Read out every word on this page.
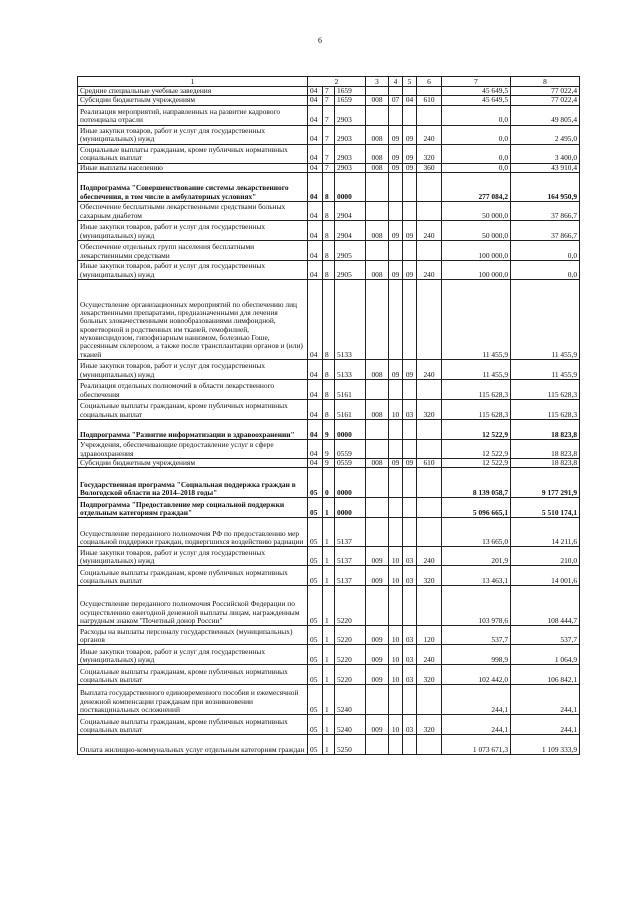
6
1	2			3	4	5	6	7	8
Средние специальные учебные заведения	04	7	1659					45 649,5	77 022,4
Субсидии бюджетным учреждениям	04	7	1659	008	07	04	610	45 649,5	77 022,4
Реализация мероприятий, направленных на развитие кадрового потенциала отрасли	04	7	2903					0,0	49 805,4
Иные закупки товаров, работ и услуг для государственных (муниципальных) нужд	04	7	2903	008	09	09	240	0,0	2 495,0
Социальные выплаты гражданам, кроме публичных нормативных социальных выплат	04	7	2903	008	09	09	320	0,0	3 400,0
Иные выплаты населению	04	7	2903	008	09	09	360	0,0	43 910,4
Подпрограмма "Совершенствование системы лекарственного обеспечения, в том числе в амбулаторных условиях"	04	8	0000					277 084,2	164 950,9
Обеспечение бесплатными лекарственными средствами больных сахарным диабетом	04	8	2904					50 000,0	37 866,7
Иные закупки товаров, работ и услуг для государственных (муниципальных) нужд	04	8	2904	008	09	09	240	50 000,0	37 866,7
Обеспечение отдельных групп населения бесплатными лекарственными средствами	04	8	2905					100 000,0	0,0
Иные закупки товаров, работ и услуг для государственных (муниципальных) нужд	04	8	2905	008	09	09	240	100 000,0	0,0
Осуществление организационных мероприятий по обеспечению лиц лекарственными препаратами, предназначенными для лечения больных злокачественными новообразованиями лимфоидной, кроветворной и родственных им тканей, гемофилией, муковисцидозом, гипофизарным нанизмом, болезнью Гоше, рассеянным склерозом, а также после трансплантации органов и (или) тканей	04	8	5133					11 455,9	11 455,9
Иные закупки товаров, работ и услуг для государственных (муниципальных) нужд	04	8	5133	008	09	09	240	11 455,9	11 455,9
Реализация отдельных полномочий в области лекарственного обеспечения	04	8	5161					115 628,3	115 628,3
Социальные выплаты гражданам, кроме публичных нормативных социальных выплат	04	8	5161	008	10	03	320	115 628,3	115 628,3
Подпрограмма "Развитие информатизации в здравоохранении"	04	9	0000					12 522,9	18 823,8
Учреждения, обеспечивающие предоставление услуг в сфере здравоохранения	04	9	0559					12 522,9	18 823,8
Субсидии бюджетным учреждениям	04	9	0559	008	09	09	610	12 522,9	18 823,8
Государственная программа "Социальная поддержка граждан в Вологодской области на 2014–2018 годы"	05	0	0000					8 139 058,7	9 177 291,9
Подпрограмма "Предоставление мер социальной поддержки отдельным категориям граждан"	05	1	0000					5 096 665,1	5 510 174,1
Осуществление переданного полномочия РФ по предоставлению мер социальной поддержки граждан, подвергшихся воздействию радиации	05	1	5137					13 665,0	14 211,6
Иные закупки товаров, работ и услуг для государственных (муниципальных) нужд	05	1	5137	009	10	03	240	201,9	210,0
Социальные выплаты гражданам, кроме публичных нормативных социальных выплат	05	1	5137	009	10	03	320	13 463,1	14 001,6
Осуществление переданного полномочия Российской Федерации по осуществлению ежегодной денежной выплаты лицам, награжденным нагрудным знаком "Почетный донор России"	05	1	5220					103 978,6	108 444,7
Расходы на выплаты персоналу государственных (муниципальных) органов	05	1	5220	009	10	03	120	537,7	537,7
Иные закупки товаров, работ и услуг для государственных (муниципальных) нужд	05	1	5220	009	10	03	240	998,9	1 064,9
Социальные выплаты гражданам, кроме публичных нормативных социальных выплат	05	1	5220	009	10	03	320	102 442,0	106 842,1
Выплата государственного единовременного пособия и ежемесячной денежной компенсации гражданам при возникновении поствакцинальных осложнений	05	1	5240					244,1	244,1
Социальные выплаты гражданам, кроме публичных нормативных социальных выплат	05	1	5240	009	10	03	320	244,1	244,1
Оплата жилищно-коммунальных услуг отдельным категориям граждан	05	1	5250					1 073 671,3	1 109 333,9
